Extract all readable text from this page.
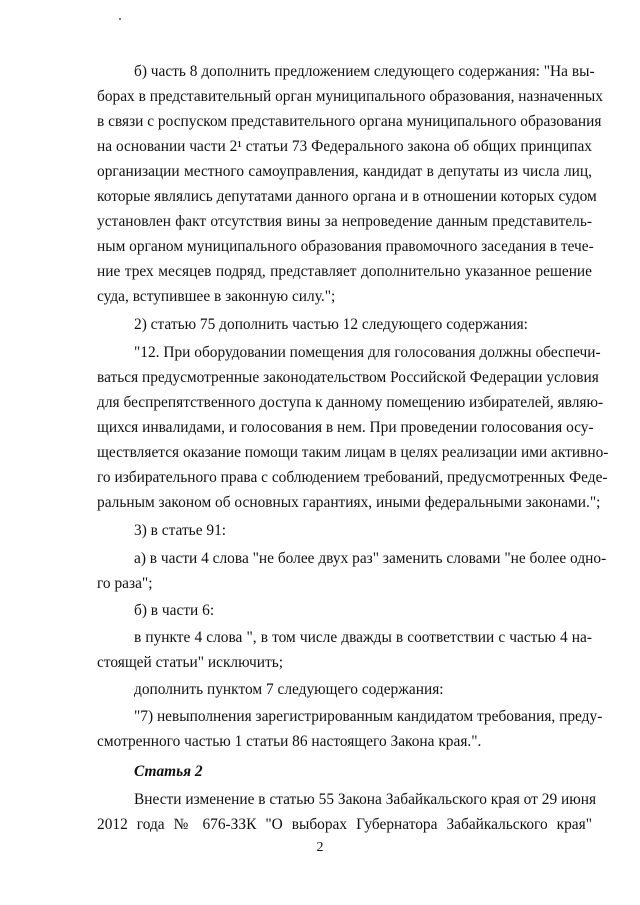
б) часть 8 дополнить предложением следующего содержания: "На вы-
борах в представительный орган муниципального образования, назначенных
в связи с роспуском представительного органа муниципального образования
на основании части 2¹ статьи 73 Федерального закона об общих принципах
организации местного самоуправления, кандидат в депутаты из числа лиц,
которые являлись депутатами данного органа и в отношении которых судом
установлен факт отсутствия вины за непроведение данным представитель-
ным органом муниципального образования правомочного заседания в тече-
ние трех месяцев подряд, представляет дополнительно указанное решение
суда, вступившее в законную силу.";
2) статью 75 дополнить частью 12 следующего содержания:
"12. При оборудовании помещения для голосования должны обеспечи-
ваться предусмотренные законодательством Российской Федерации условия
для беспрепятственного доступа к данному помещению избирателей, являю-
щихся инвалидами, и голосования в нем. При проведении голосования осу-
ществляется оказание помощи таким лицам в целях реализации ими активно-
го избирательного права с соблюдением требований, предусмотренных Феде-
ральным законом об основных гарантиях, иными федеральными законами.";
3) в статье 91:
а) в части 4 слова "не более двух раз" заменить словами "не более одно-
го раза";
б) в части 6:
в пункте 4 слова ", в том числе дважды в соответствии с частью 4 на-
стоящей статьи" исключить;
дополнить пунктом 7 следующего содержания:
"7) невыполнения зарегистрированным кандидатом требования, преду-
смотренного частью 1 статьи 86 настоящего Закона края.".
Статья 2
Внести изменение в статью 55 Закона Забайкальского края от 29 июня
2012 года № 676-ЗЗК "О выборах Губернатора Забайкальского края"
2
